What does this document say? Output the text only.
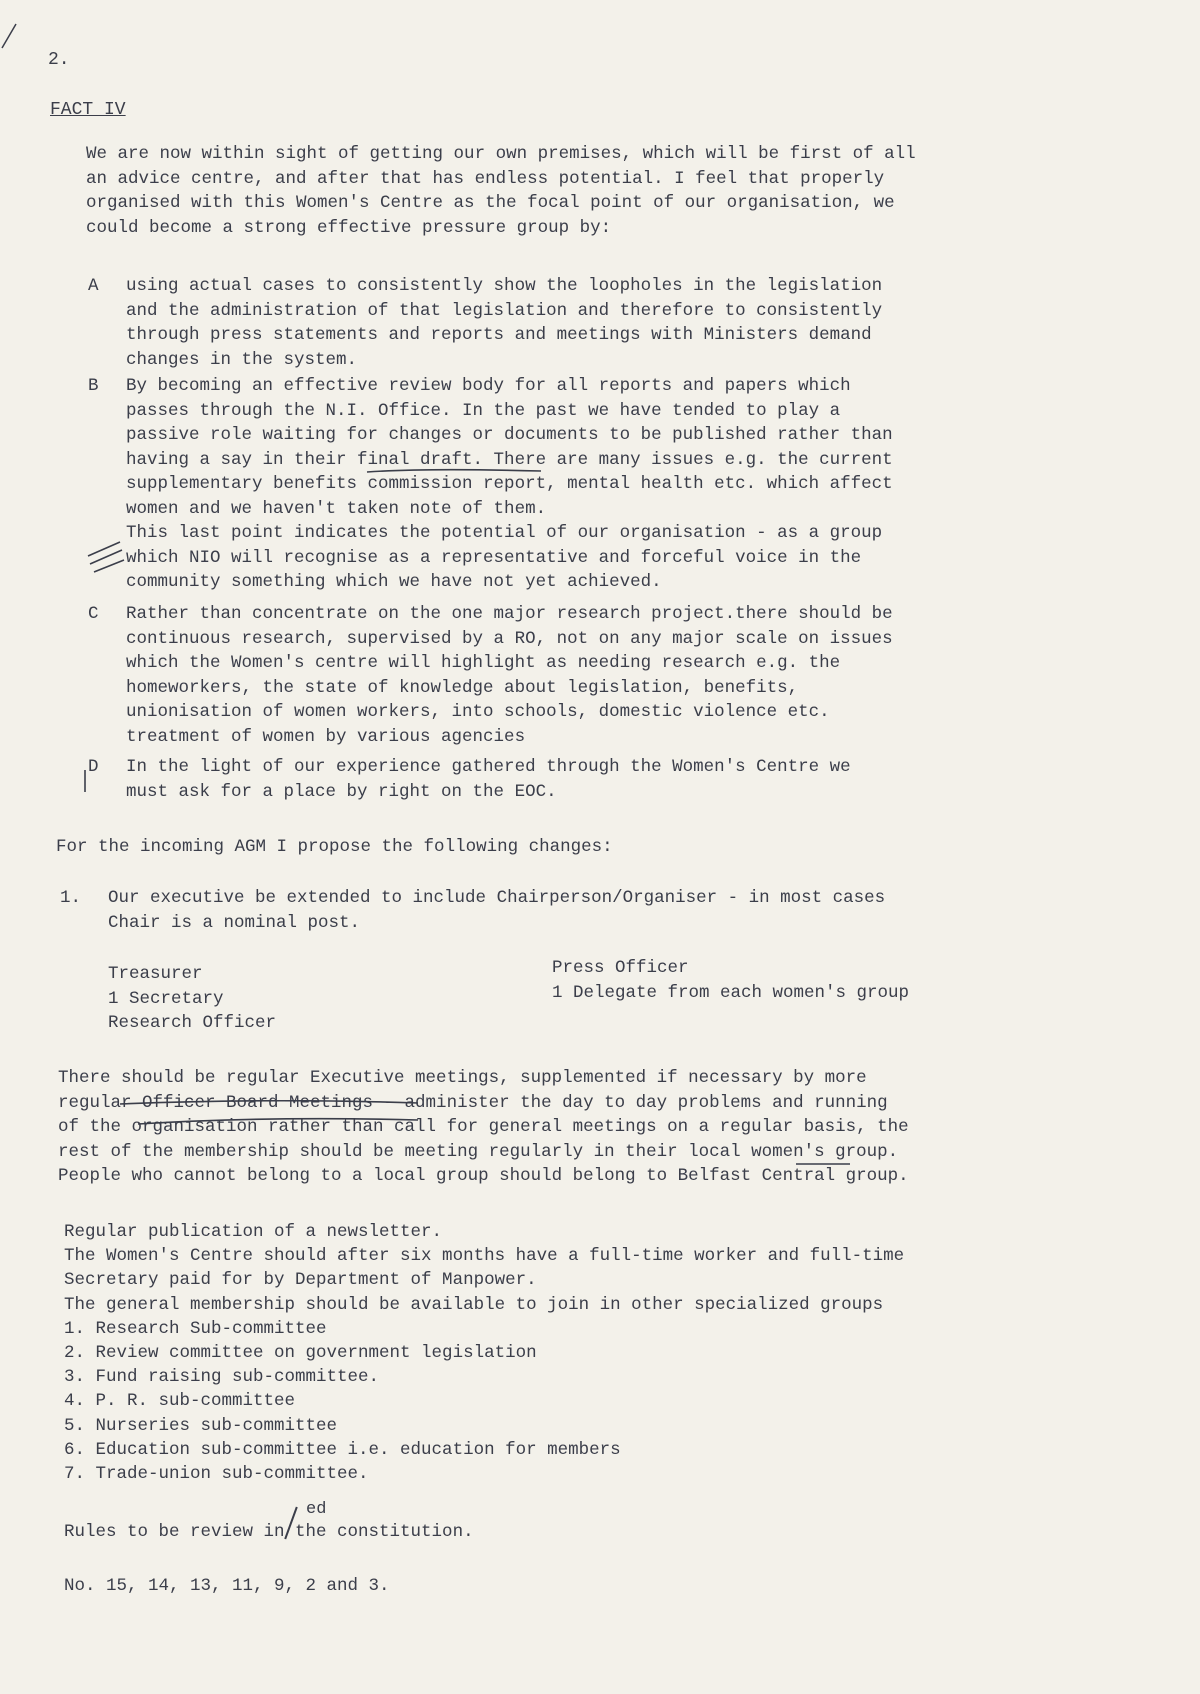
2.
FACT IV
We are now within sight of getting our own premises, which will be first of all
an advice centre, and after that has endless potential. I feel that properly
organised with this Women's Centre as the focal point of our organisation, we
could become a strong effective pressure group by:
A using actual cases to consistently show the loopholes in the legislation
and the administration of that legislation and therefore to consistently
through press statements and reports and meetings with Ministers demand
changes in the system.
B By becoming an effective review body for all reports and papers which
passes through the N.I. Office. In the past we have tended to play a
passive role waiting for changes or documents to be published rather than
having a say in their final draft. There are many issues e.g. the current
supplementary benefits commission report, mental health etc. which affect
women and we haven't taken note of them.
This last point indicates the potential of our organisation - as a group
which NIO will recognise as a representative and forceful voice in the
community something which we have not yet achieved.
C Rather than concentrate on the one major research project.there should be
continuous research, supervised by a RO, not on any major scale on issues
which the Women's centre will highlight as needing research e.g. the
homeworkers, the state of knowledge about legislation, benefits,
unionisation of women workers, into schools, domestic violence etc.
treatment of women by various agencies
D In the light of our experience gathered through the Women's Centre we
must ask for a place by right on the EOC.
For the incoming AGM I propose the following changes:
1. Our executive be extended to include Chairperson/Organiser - in most cases
Chair is a nominal post.
Treasurer
1 Secretary
Research Officer
Press Officer
1 Delegate from each women's group
There should be regular Executive meetings, supplemented if necessary by more
regular Officer Board Meetings - administer the day to day problems and running
of the organisation rather than call for general meetings on a regular basis, the
rest of the membership should be meeting regularly in their local women's group.
People who cannot belong to a local group should belong to Belfast Central group.
Regular publication of a newsletter.
The Women's Centre should after six months have a full-time worker and full-time
Secretary paid for by Department of Manpower.
The general membership should be available to join in other specialized groups
1. Research Sub-committee
2. Review committee on government legislation
3. Fund raising sub-committee.
4. P. R. sub-committee
5. Nurseries sub-committee
6. Education sub-committee i.e. education for members
7. Trade-union sub-committee.
ed
Rules to be review in the constitution.
No. 15, 14, 13, 11, 9, 2 and 3.
